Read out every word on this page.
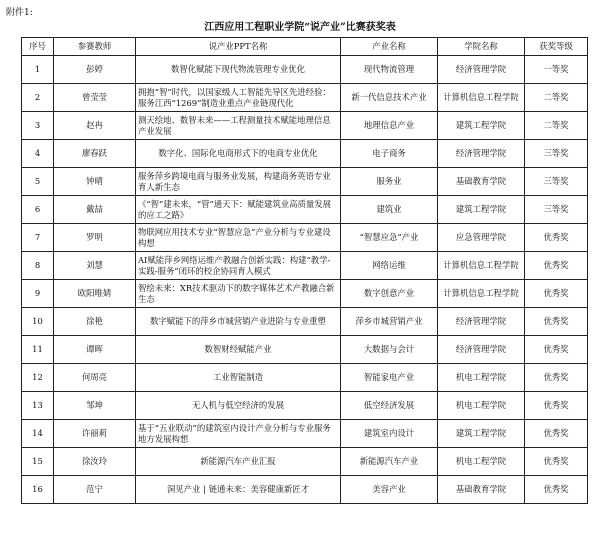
附件1:
江西应用工程职业学院“说产业”比赛获奖表
序号	参赛教师	说产业PPT名称	产业名称	学院名称	获奖等级
1	彭婷	数智化赋能下现代物流管理专业优化	现代物流管理	经济管理学院	一等奖
2	曾莹莹	拥抱“智”时代，以国家级人工智能先导区先进经验：服务江西“1269”制造业重点产业链现代化	新一代信息技术产业	计算机信息工程学院	二等奖
3	赵冉	测天绘地、数智未来——工程测量技术赋能地理信息产业发展	地理信息产业	建筑工程学院	二等奖
4	廖春跃	数字化、国际化电商形式下的电商专业优化	电子商务	经济管理学院	三等奖
5	钟晴	服务萍乡跨境电商与服务业发展，构建商务英语专业育人新生态	服务业	基础教育学院	三等奖
6	戴喆	《“智”建未来，“管”通天下：赋能建筑业高质量发展的应工之路》	建筑业	建筑工程学院	三等奖
7	罗明	物联网应用技术专业“智慧应急”产业分析与专业建设构想	“智慧应急”产业	应急管理学院	优秀奖
8	刘慧	AI赋能萍乡网络运维产教融合创新实践：构建“教学-实践-服务”闭环的校企协同育人模式	网络运维	计算机信息工程学院	优秀奖
9	欧阳唯婧	智绘未来：XR技术驱动下的数字媒体艺术产教融合新生态	数字创意产业	计算机信息工程学院	优秀奖
10	徐艳	数字赋能下的萍乡市城营销产业进阶与专业重塑	萍乡市城营销产业	经济管理学院	优秀奖
11	谭晖	数智财经赋能产业	大数据与会计	经济管理学院	优秀奖
12	何周亮	工业智能制造	智能家电产业	机电工程学院	优秀奖
13	邹坤	无人机与低空经济的发展	低空经济发展	机电工程学院	优秀奖
14	许丽莉	基于“五业联动”的建筑室内设计产业分析与专业服务地方发展构想	建筑室内设计	建筑工程学院	优秀奖
15	徐汝玲	新能源汽车产业汇报	新能源汽车产业	机电工程学院	优秀奖
16	范宁	洞见产业 | 链通未来：美容健康新匠才	美容产业	基础教育学院	优秀奖
